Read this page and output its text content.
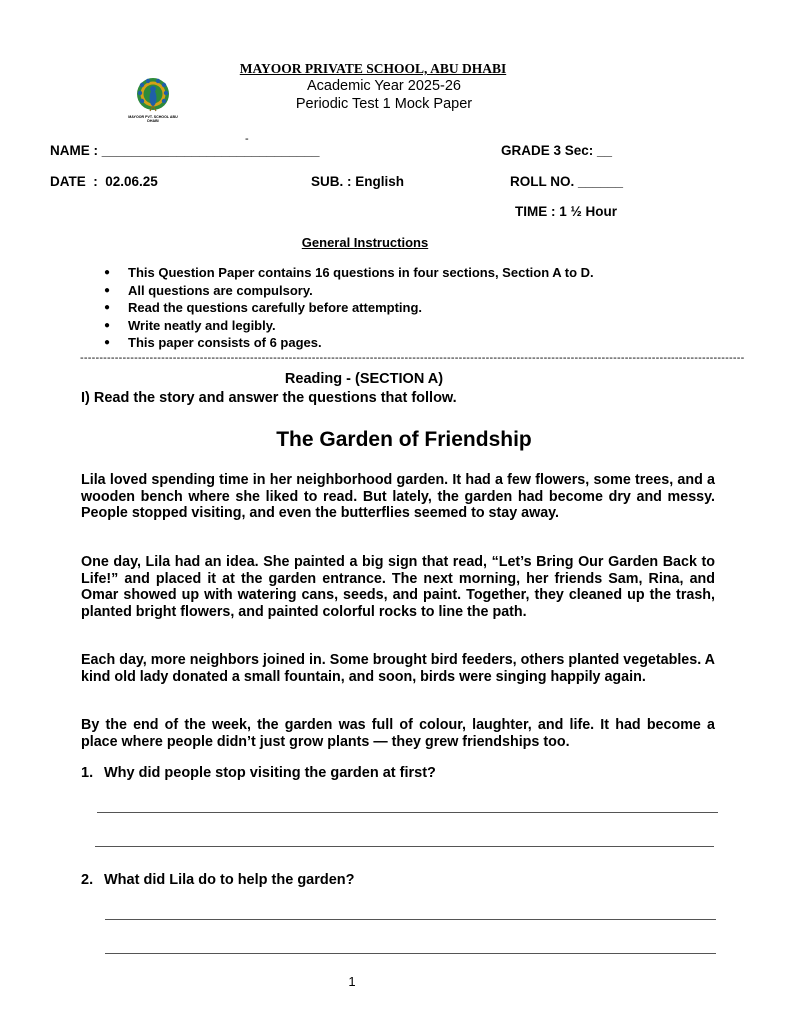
MAYOOR PRIVATE SCHOOL, ABU DHABI
Academic Year 2025-26
Periodic Test 1 Mock Paper
MAYOOR PVT. SCHOOL ABU DHABI
-
NAME : _____________________________	GRADE 3 Sec: __
DATE  :  02.06.25	SUB. : English	ROLL NO. ______
TIME : 1 ½ Hour
General Instructions
● This Question Paper contains 16 questions in four sections, Section A to D.
● All questions are compulsory.
● Read the questions carefully before attempting.
● Write neatly and legibly.
● This paper consists of 6 pages.
----------------------------------------------------------------------------------------------------------------------------------------------------------------------------
Reading - (SECTION A)
I) Read the story and answer the questions that follow.
The Garden of Friendship

Lila loved spending time in her neighborhood garden. It had a few flowers, some trees, and a wooden bench where she liked to read. But lately, the garden had become dry and messy. People stopped visiting, and even the butterflies seemed to stay away.

One day, Lila had an idea. She painted a big sign that read, “Let’s Bring Our Garden Back to Life!” and placed it at the garden entrance. The next morning, her friends Sam, Rina, and Omar showed up with watering cans, seeds, and paint. Together, they cleaned up the trash, planted bright flowers, and painted colorful rocks to line the path.

Each day, more neighbors joined in. Some brought bird feeders, others planted vegetables. A kind old lady donated a small fountain, and soon, birds were singing happily again.

By the end of the week, the garden was full of colour, laughter, and life. It had become a place where people didn’t just grow plants — they grew friendships too.

1. Why did people stop visiting the garden at first?
2. What did Lila do to help the garden?
1
